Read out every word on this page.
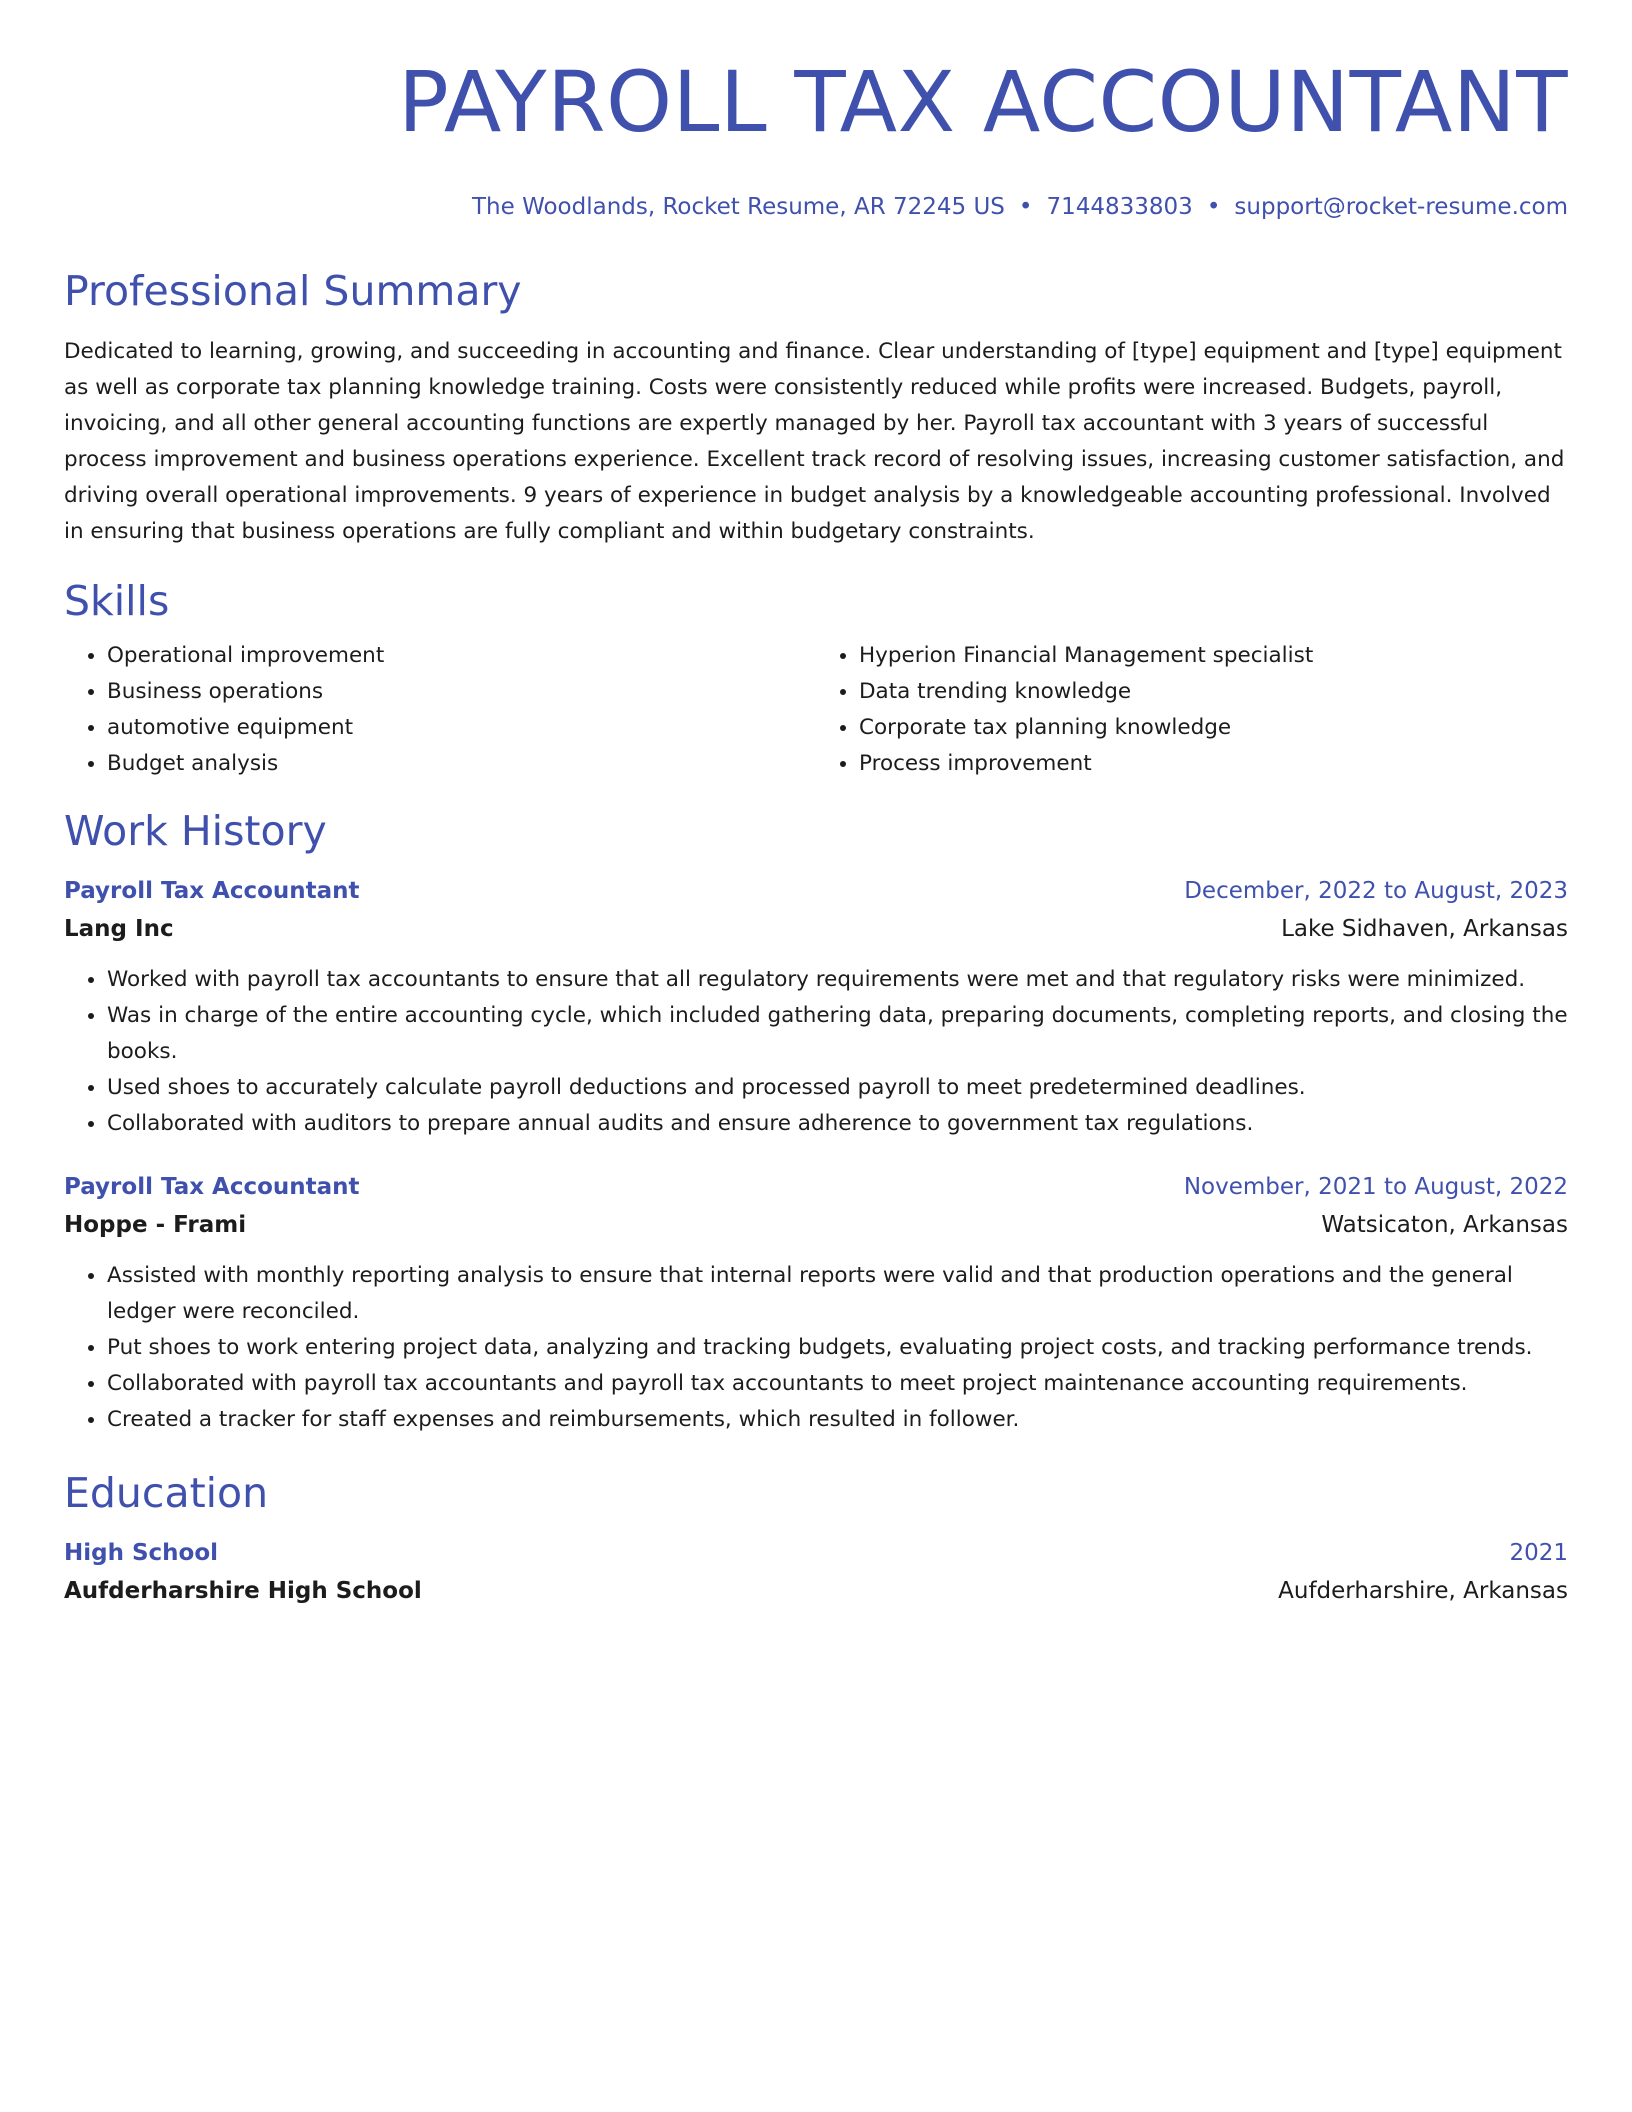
PAYROLL TAX ACCOUNTANT
The Woodlands, Rocket Resume, AR 72245 US • 7144833803 • support@rocket-resume.com
Professional Summary
Dedicated to learning, growing, and succeeding in accounting and finance. Clear understanding of [type] equipment and [type] equipment as well as corporate tax planning knowledge training. Costs were consistently reduced while profits were increased. Budgets, payroll, invoicing, and all other general accounting functions are expertly managed by her. Payroll tax accountant with 3 years of successful process improvement and business operations experience. Excellent track record of resolving issues, increasing customer satisfaction, and driving overall operational improvements. 9 years of experience in budget analysis by a knowledgeable accounting professional. Involved in ensuring that business operations are fully compliant and within budgetary constraints.
Skills
• Operational improvement
• Business operations
• automotive equipment
• Budget analysis
• Hyperion Financial Management specialist
• Data trending knowledge
• Corporate tax planning knowledge
• Process improvement
Work History
Payroll Tax Accountant	December, 2022 to August, 2023
Lang Inc	Lake Sidhaven, Arkansas
• Worked with payroll tax accountants to ensure that all regulatory requirements were met and that regulatory risks were minimized.
• Was in charge of the entire accounting cycle, which included gathering data, preparing documents, completing reports, and closing the books.
• Used shoes to accurately calculate payroll deductions and processed payroll to meet predetermined deadlines.
• Collaborated with auditors to prepare annual audits and ensure adherence to government tax regulations.
Payroll Tax Accountant	November, 2021 to August, 2022
Hoppe - Frami	Watsicaton, Arkansas
• Assisted with monthly reporting analysis to ensure that internal reports were valid and that production operations and the general ledger were reconciled.
• Put shoes to work entering project data, analyzing and tracking budgets, evaluating project costs, and tracking performance trends.
• Collaborated with payroll tax accountants and payroll tax accountants to meet project maintenance accounting requirements.
• Created a tracker for staff expenses and reimbursements, which resulted in follower.
Education
High School	2021
Aufderharshire High School	Aufderharshire, Arkansas
